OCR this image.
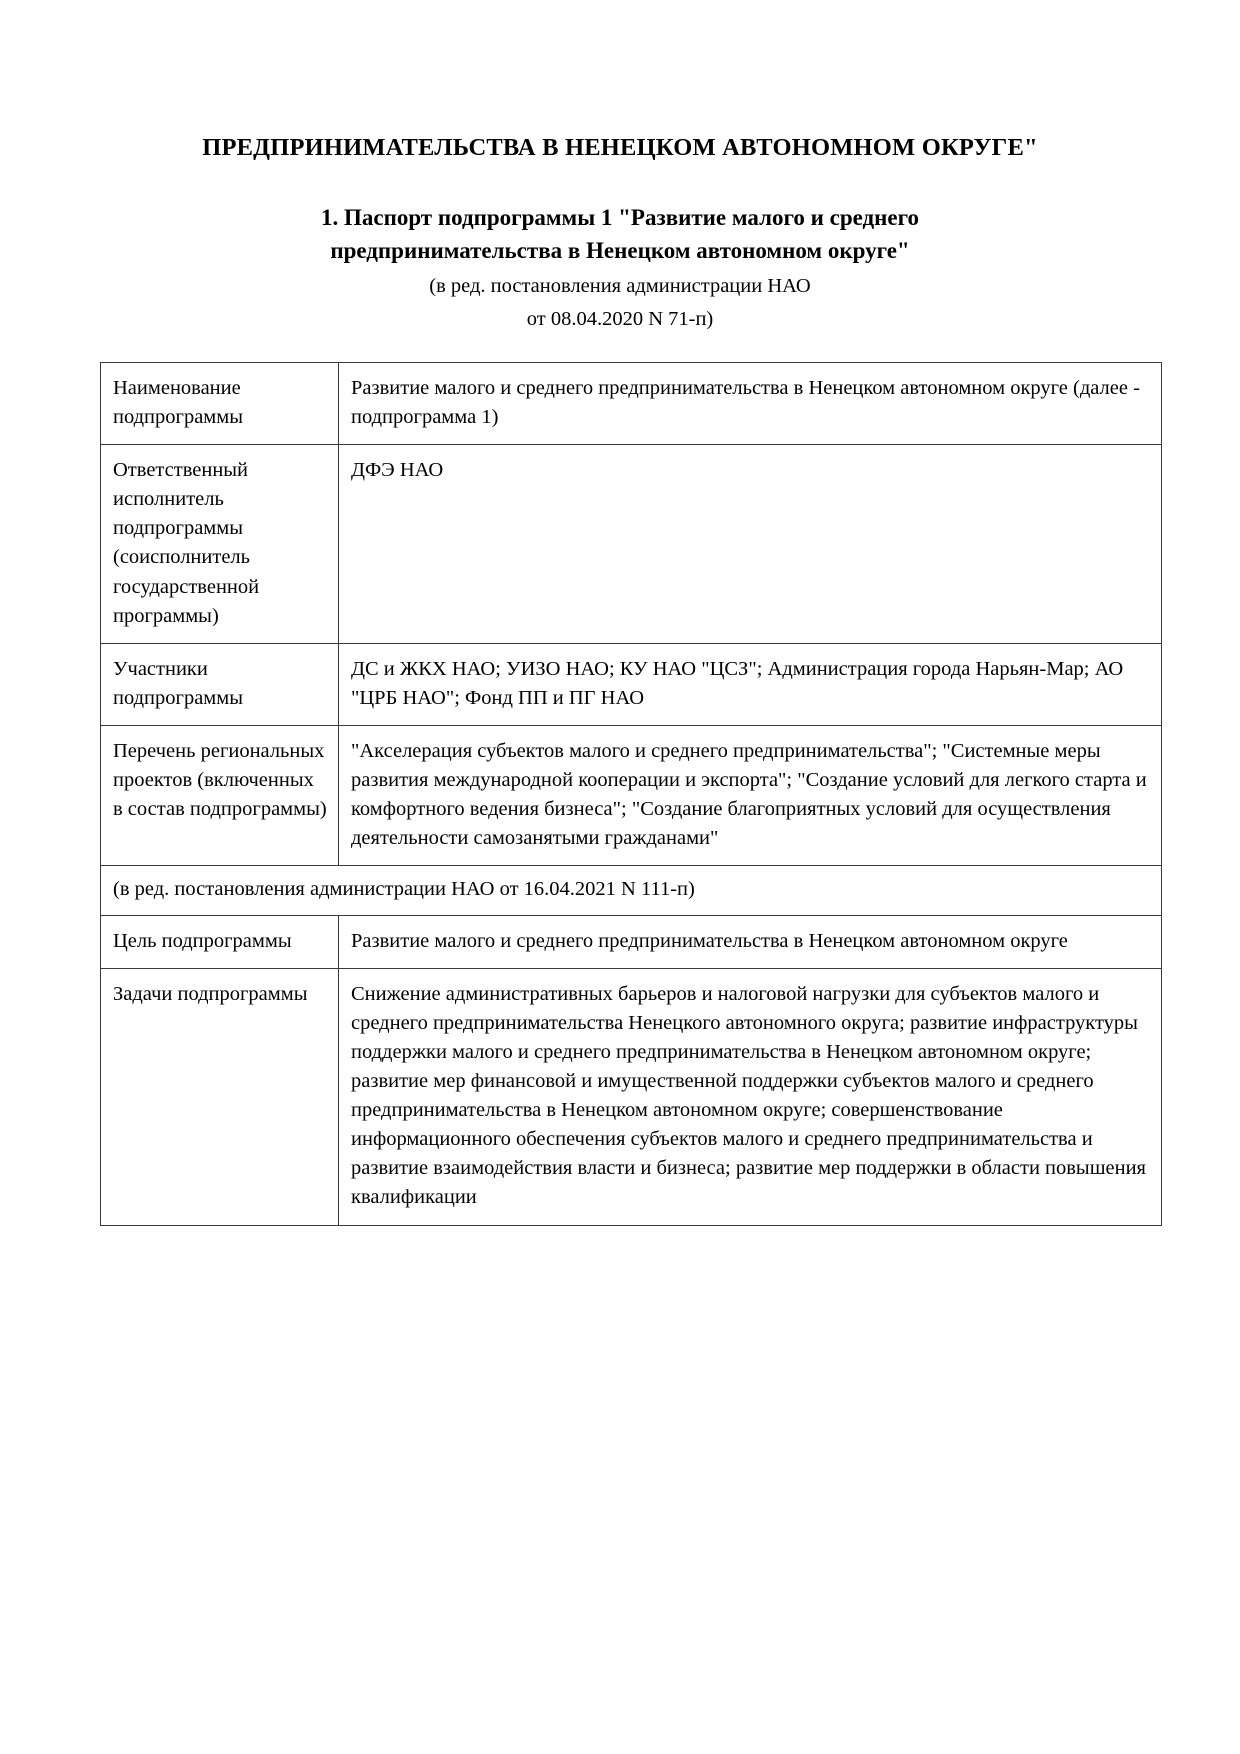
ПРЕДПРИНИМАТЕЛЬСТВА В НЕНЕЦКОМ АВТОНОМНОМ ОКРУГЕ"

1. Паспорт подпрограммы 1 "Развитие малого и среднего

предпринимательства в Ненецком автономном округе"

(в ред. постановления администрации НАО

от 08.04.2020 N 71-п)

Наименование подпрограммы	Развитие малого и среднего предпринимательства в Ненецком автономном округе (далее - подпрограмма 1)

Ответственный исполнитель подпрограммы (соисполнитель государственной программы)	ДФЭ НАО

Участники подпрограммы	ДС и ЖКХ НАО; УИЗО НАО; КУ НАО "ЦСЗ"; Администрация города Нарьян-Мар; АО "ЦРБ НАО"; Фонд ПП и ПГ НАО

Перечень региональных проектов (включенных в состав подпрограммы)	"Акселерация субъектов малого и среднего предпринимательства"; "Системные меры развития международной кооперации и экспорта"; "Создание условий для легкого старта и комфортного ведения бизнеса"; "Создание благоприятных условий для осуществления деятельности самозанятыми гражданами"

(в ред. постановления администрации НАО от 16.04.2021 N 111-п)	

Цель подпрограммы	Развитие малого и среднего предпринимательства в Ненецком автономном округе

Задачи подпрограммы	Снижение административных барьеров и налоговой нагрузки для субъектов малого и среднего предпринимательства Ненецкого автономного округа; развитие инфраструктуры поддержки малого и среднего предпринимательства в Ненецком автономном округе; развитие мер финансовой и имущественной поддержки субъектов малого и среднего предпринимательства в Ненецком автономном округе; совершенствование информационного обеспечения субъектов малого и среднего предпринимательства и развитие взаимодействия власти и бизнеса; развитие мер поддержки в области повышения квалификации
